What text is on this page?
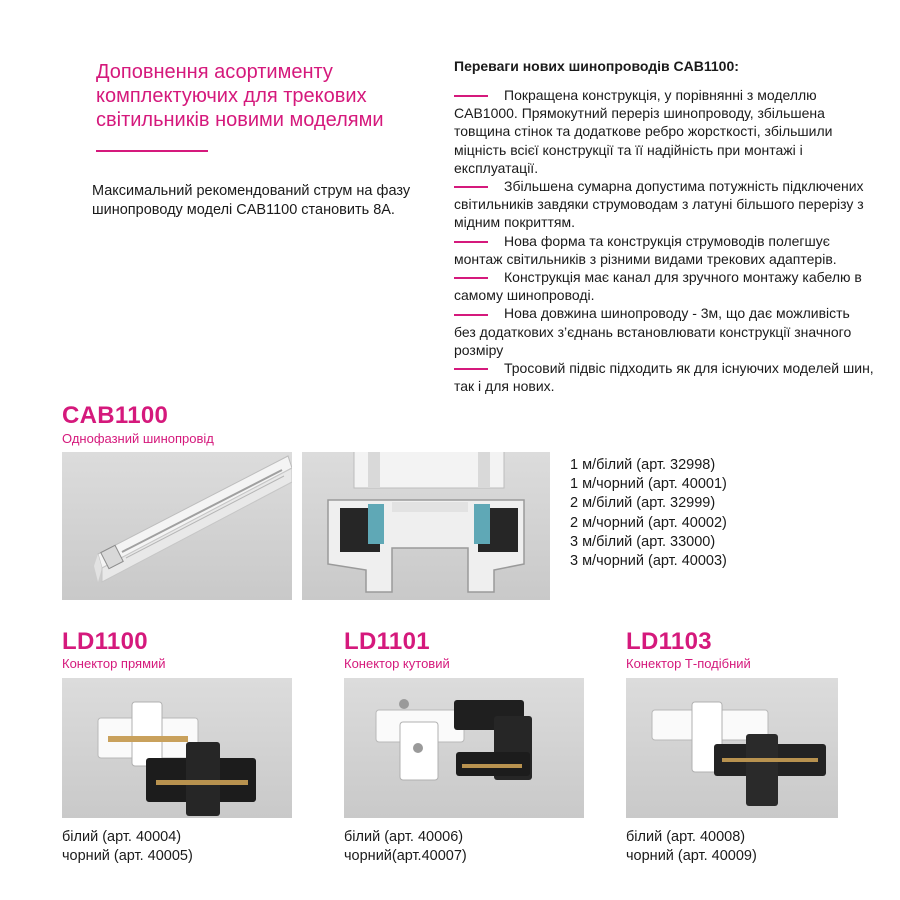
Доповнення асортименту комплектуючих для трекових світильників новими моделями
Максимальний рекомендований струм на фазу шинопроводу моделі CAB1100 становить 8А.
Переваги нових шинопроводів CAB1100:
Покращена конструкція, у порівнянні з моделлю CAB1000. Прямокутний переріз шинопроводу, збільшена товщина стінок та додаткове ребро жорсткості, збільшили міцність всієї конструкції та її надійність при монтажі і експлуатації.
Збільшена сумарна допустима потужність підключених світильників завдяки струмоводам з латуні більшого перерізу з мідним покриттям.
Нова форма та конструкція струмоводів полегшує монтаж світильників з різними видами трекових адаптерів.
Конструкція має канал для зручного монтажу кабелю в самому шинопроводі.
Нова довжина шинопроводу - 3м, що дає можливість без додаткових з’єднань встановлювати конструкції значного розміру
Тросовий підвіс підходить як для існуючих моделей шин, так і для нових.
CAB1100
Однофазний шинопровід
1 м/білий (арт. 32998)
1 м/чорний (арт. 40001)
2 м/білий (арт. 32999)
2 м/чорний (арт. 40002)
3 м/білий (арт. 33000)
3 м/чорний (арт. 40003)
LD1100
Конектор прямий
білий (арт. 40004)
чорний (арт. 40005)
LD1101
Конектор кутовий
білий (арт. 40006)
чорний(арт.40007)
LD1103
Конектор Т-подібний
білий (арт. 40008)
чорний (арт. 40009)
